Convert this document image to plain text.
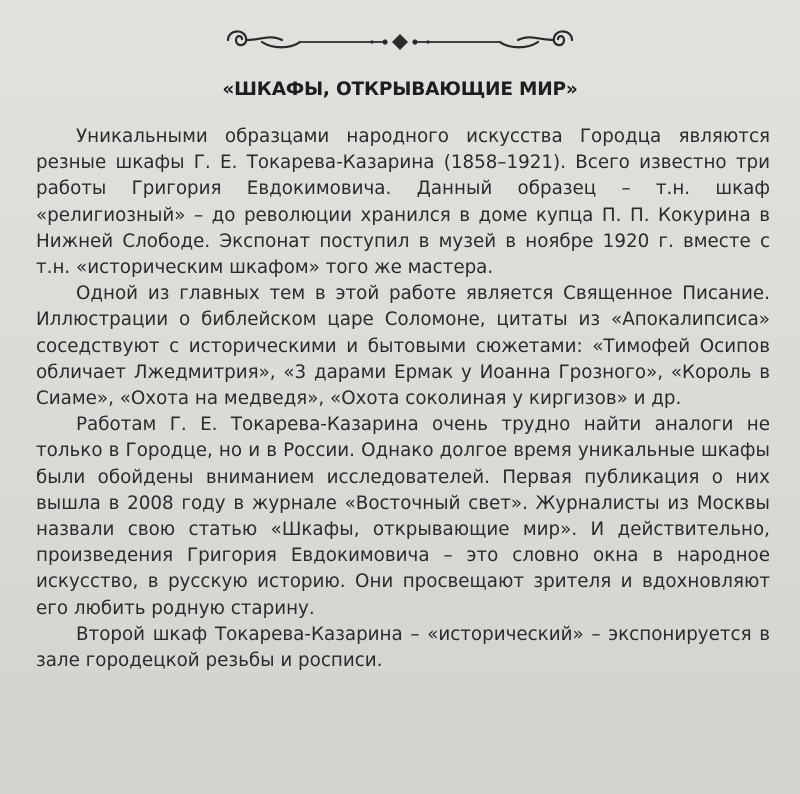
«ШКАФЫ, ОТКРЫВАЮЩИЕ МИР»

Уникальными образцами народного искусства Городца являются резные шкафы Г. Е. Токарева-Казарина (1858–1921). Всего известно три работы Григория Евдокимовича. Данный образец – т.н. шкаф «религиозный» – до революции хранился в доме купца П. П. Кокурина в Нижней Слободе. Экспонат поступил в музей в ноябре 1920 г. вместе с т.н. «историческим шкафом» того же мастера.

Одной из главных тем в этой работе является Священное Писание. Иллюстрации о библейском царе Соломоне, цитаты из «Апокалипсиса» соседствуют с историческими и бытовыми сюжетами: «Тимофей Осипов обличает Лжедмитрия», «3 дарами Ермак у Иоанна Грозного», «Король в Сиаме», «Охота на медведя», «Охота соколиная у киргизов» и др.

Работам Г. Е. Токарева-Казарина очень трудно найти аналоги не только в Городце, но и в России. Однако долгое время уникальные шкафы были обойдены вниманием исследователей. Первая публикация о них вышла в 2008 году в журнале «Восточный свет». Журналисты из Москвы назвали свою статью «Шкафы, открывающие мир». И действительно, произведения Григория Евдокимовича – это словно окна в народное искусство, в русскую историю. Они просвещают зрителя и вдохновляют его любить родную старину.

Второй шкаф Токарева-Казарина – «исторический» – экспонируется в зале городецкой резьбы и росписи.
